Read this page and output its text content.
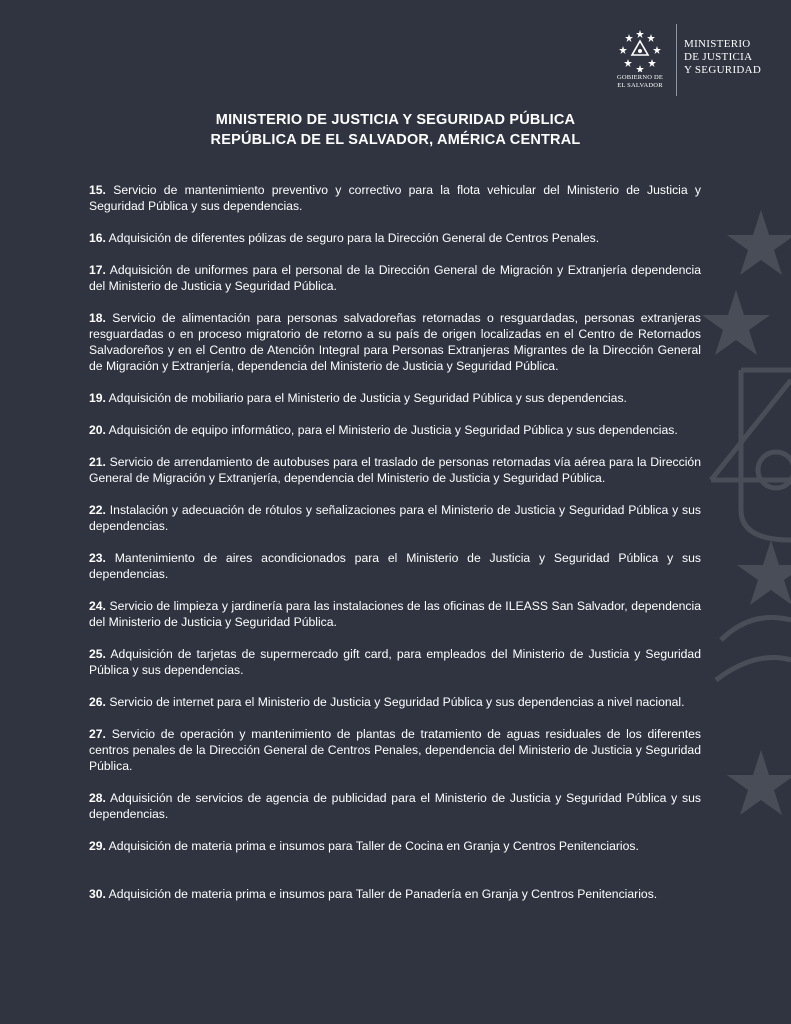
GOBIERNO DE
EL SALVADOR
MINISTERIO
DE JUSTICIA
Y SEGURIDAD
MINISTERIO DE JUSTICIA Y SEGURIDAD PÚBLICA
REPÚBLICA DE EL SALVADOR, AMÉRICA CENTRAL

15. Servicio de mantenimiento preventivo y correctivo para la flota vehicular del Ministerio de Justicia y Seguridad Pública y sus dependencias.

16. Adquisición de diferentes pólizas de seguro para la Dirección General de Centros Penales.

17. Adquisición de uniformes para el personal de la Dirección General de Migración y Extranjería dependencia del Ministerio de Justicia y Seguridad Pública.

18. Servicio de alimentación para personas salvadoreñas retornadas o resguardadas, personas extranjeras resguardadas o en proceso migratorio de retorno a su país de origen localizadas en el Centro de Retornados Salvadoreños y en el Centro de Atención Integral para Personas Extranjeras Migrantes de la Dirección General de Migración y Extranjería, dependencia del Ministerio de Justicia y Seguridad Pública.

19. Adquisición de mobiliario para el Ministerio de Justicia y Seguridad Pública y sus dependencias.

20. Adquisición de equipo informático, para el Ministerio de Justicia y Seguridad Pública y sus dependencias.

21. Servicio de arrendamiento de autobuses para el traslado de personas retornadas vía aérea para la Dirección General de Migración y Extranjería, dependencia del Ministerio de Justicia y Seguridad Pública.

22. Instalación y adecuación de rótulos y señalizaciones para el Ministerio de Justicia y Seguridad Pública y sus dependencias.

23. Mantenimiento de aires acondicionados para el Ministerio de Justicia y Seguridad Pública y sus dependencias.

24. Servicio de limpieza y jardinería para las instalaciones de las oficinas de ILEASS San Salvador, dependencia del Ministerio de Justicia y Seguridad Pública.

25. Adquisición de tarjetas de supermercado gift card, para empleados del Ministerio de Justicia y Seguridad Pública y sus dependencias.

26. Servicio de internet para el Ministerio de Justicia y Seguridad Pública y sus dependencias a nivel nacional.

27. Servicio de operación y mantenimiento de plantas de tratamiento de aguas residuales de los diferentes centros penales de la Dirección General de Centros Penales, dependencia del Ministerio de Justicia y Seguridad Pública.

28. Adquisición de servicios de agencia de publicidad para el Ministerio de Justicia y Seguridad Pública y sus dependencias.

29. Adquisición de materia prima e insumos para Taller de Cocina en Granja y Centros Penitenciarios.

30. Adquisición de materia prima e insumos para Taller de Panadería en Granja y Centros Penitenciarios.
